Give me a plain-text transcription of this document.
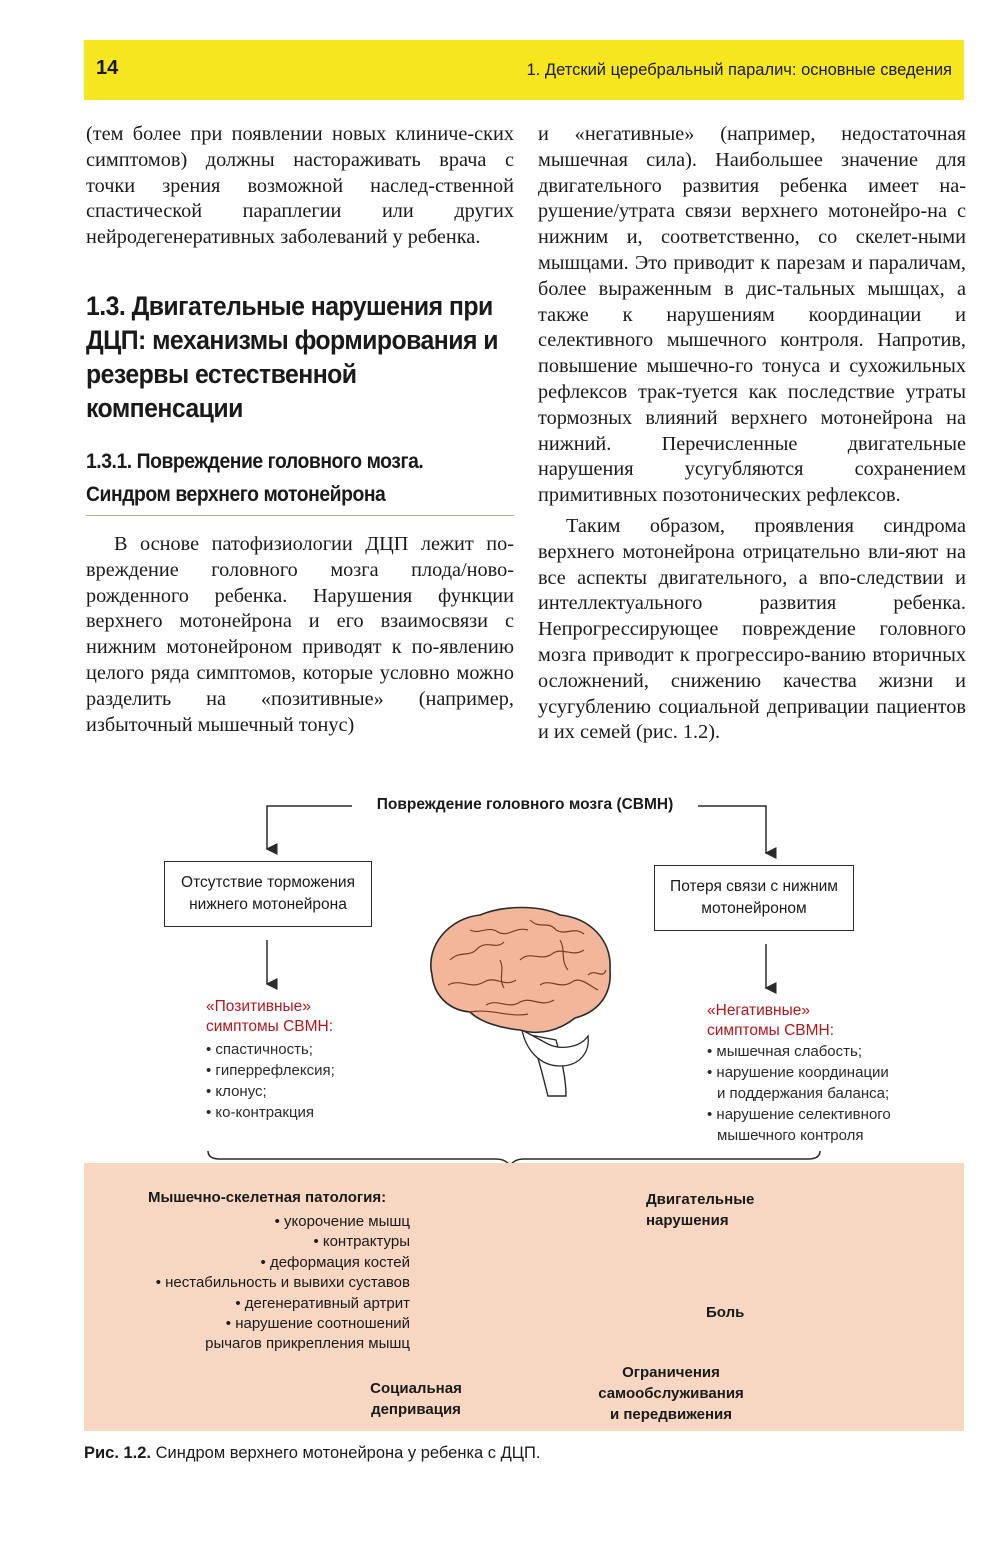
14	1. Детский церебральный паралич: основные сведения

(тем более при появлении новых клиниче-ских симптомов) должны настораживать врача с точки зрения возможной наслед-ственной спастической параплегии или других нейродегенеративных заболеваний у ребенка.

1.3. Двигательные нарушения при ДЦП: механизмы формирования и резервы естественной компенсации
1.3.1. Повреждение головного мозга.
Синдром верхнего мотонейрона

В основе патофизиологии ДЦП лежит по-вреждение головного мозга плода/ново-рожденного ребенка. Нарушения функции верхнего мотонейрона и его взаимосвязи с нижним мотонейроном приводят к по-явлению целого ряда симптомов, которые условно можно разделить на «позитивные» (например, избыточный мышечный тонус)

и «негативные» (например, недостаточная мышечная сила). Наибольшее значение для двигательного развития ребенка имеет на-рушение/утрата связи верхнего мотонейро-на с нижним и, соответственно, со скелет-ными мышцами. Это приводит к парезам и параличам, более выраженным в дис-тальных мышцах, а также к нарушениям координации и селективного мышечного контроля. Напротив, повышение мышечно-го тонуса и сухожильных рефлексов трак-туется как последствие утраты тормозных влияний верхнего мотонейрона на нижний. Перечисленные двигательные нарушения усугубляются сохранением примитивных позотонических рефлексов.

Таким образом, проявления синдрома верхнего мотонейрона отрицательно вли-яют на все аспекты двигательного, а впо-следствии и интеллектуального развития ребенка. Непрогрессирующее повреждение головного мозга приводит к прогрессиро-ванию вторичных осложнений, снижению качества жизни и усугублению социальной депривации пациентов и их семей (рис. 1.2).

Повреждение головного мозга (СВМН)
Отсутствие торможения
нижнего мотонейрона
Потеря связи с нижним
мотонейроном
«Позитивные»
симптомы СВМН:
• спастичность;
• гиперрефлексия;
• клонус;
• ко-контракция
«Негативные»
симптомы СВМН:
• мышечная слабость;
• нарушение координации
и поддержания баланса;
• нарушение селективного
мышечного контроля
Мышечно-скелетная патология:
• укорочение мышц
• контрактуры
• деформация костей
• нестабильность и вывихи суставов
• дегенеративный артрит
• нарушение соотношений
рычагов прикрепления мышц
Двигательные
нарушения
Боль
Ограничения
самообслуживания
и передвижения
Социальная
депривация
Рис. 1.2. Синдром верхнего мотонейрона у ребенка с ДЦП.
